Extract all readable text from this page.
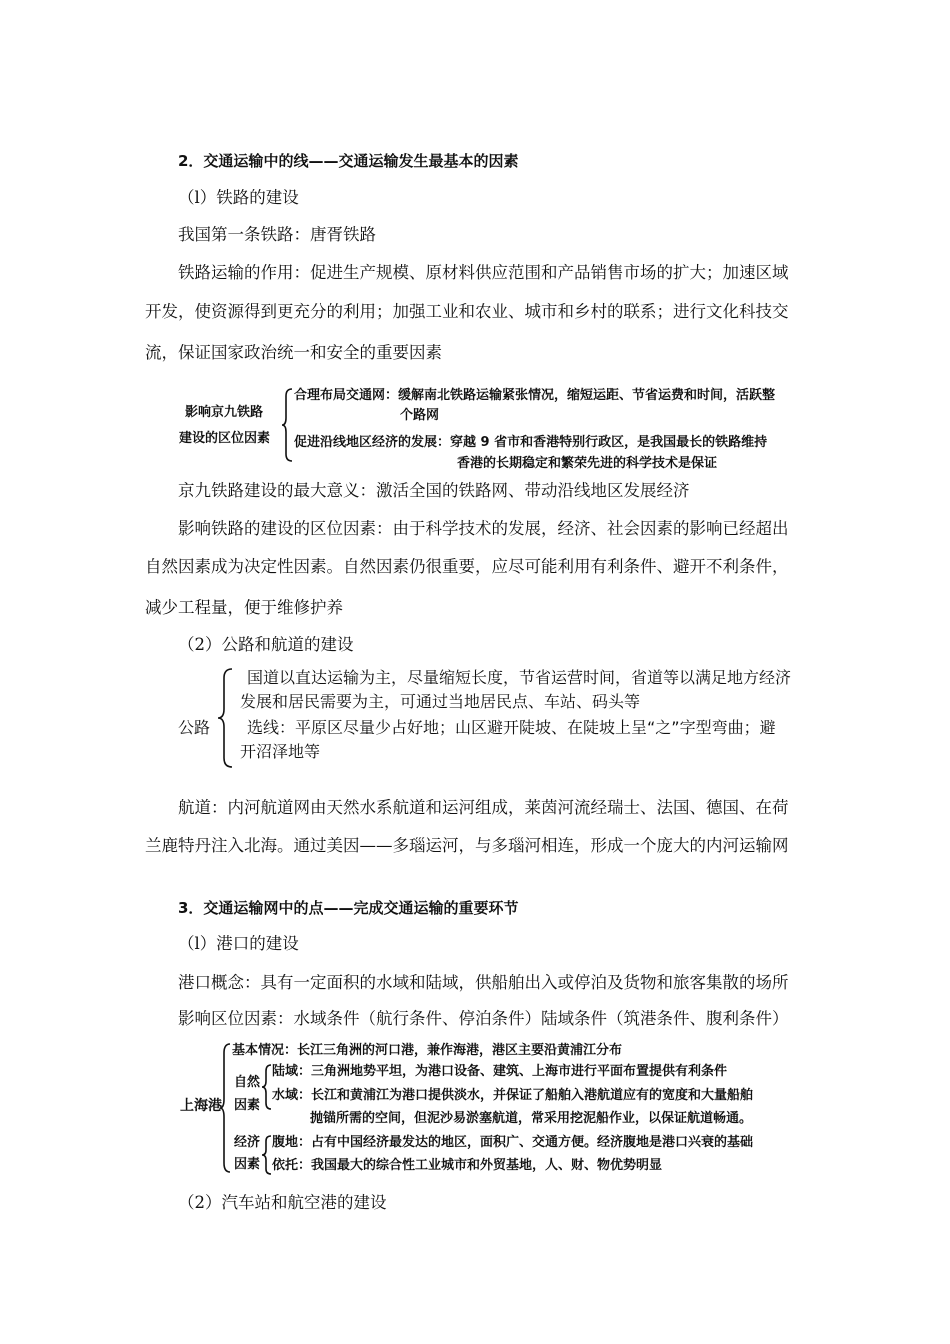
2．交通运输中的线——交通运输发生最基本的因素
（l）铁路的建设
我国第一条铁路：唐胥铁路
铁路运输的作用：促进生产规模、原材料供应范围和产品销售市场的扩大；加速区域
开发，使资源得到更充分的利用；加强工业和农业、城市和乡村的联系；进行文化科技交
流，保证国家政治统一和安全的重要因素
影响京九铁路
建设的区位因素
合理布局交通网：缓解南北铁路运输紧张情况，缩短运距、节省运费和时间，活跃整
个路网
促进沿线地区经济的发展：穿越 9 省市和香港特别行政区，是我国最长的铁路维持
香港的长期稳定和繁荣先进的科学技术是保证
京九铁路建设的最大意义：激活全国的铁路网、带动沿线地区发展经济
影响铁路的建设的区位因素：由于科学技术的发展，经济、社会因素的影响已经超出
自然因素成为决定性因素。自然因素仍很重要，应尽可能利用有利条件、避开不利条件，
减少工程量，便于维修护养
（2）公路和航道的建设
公路
国道以直达运输为主，尽量缩短长度，节省运营时间，省道等以满足地方经济
发展和居民需要为主，可通过当地居民点、车站、码头等
选线：平原区尽量少占好地；山区避开陡坡、在陡坡上呈“之”字型弯曲；避
开沼泽地等
航道：内河航道网由天然水系航道和运河组成，莱茵河流经瑞士、法国、德国、在荷
兰鹿特丹注入北海。通过美因——多瑙运河，与多瑙河相连，形成一个庞大的内河运输网
3．交通运输网中的点——完成交通运输的重要环节
（l）港口的建设
港口概念：具有一定面积的水域和陆域，供船舶出入或停泊及货物和旅客集散的场所
影响区位因素：水域条件（航行条件、停泊条件）陆域条件（筑港条件、腹利条件）
上海港
基本情况：长江三角洲的河口港，兼作海港，港区主要沿黄浦江分布
自然
因素
陆域：三角洲地势平坦，为港口设备、建筑、上海市进行平面布置提供有利条件
水域：长江和黄浦江为港口提供淡水，并保证了船舶入港航道应有的宽度和大量船舶
抛锚所需的空间，但泥沙易淤塞航道，常采用挖泥船作业，以保证航道畅通。
经济
因素
腹地：占有中国经济最发达的地区，面积广、交通方便。经济腹地是港口兴衰的基础
依托：我国最大的综合性工业城市和外贸基地，人、财、物优势明显
（2）汽车站和航空港的建设
